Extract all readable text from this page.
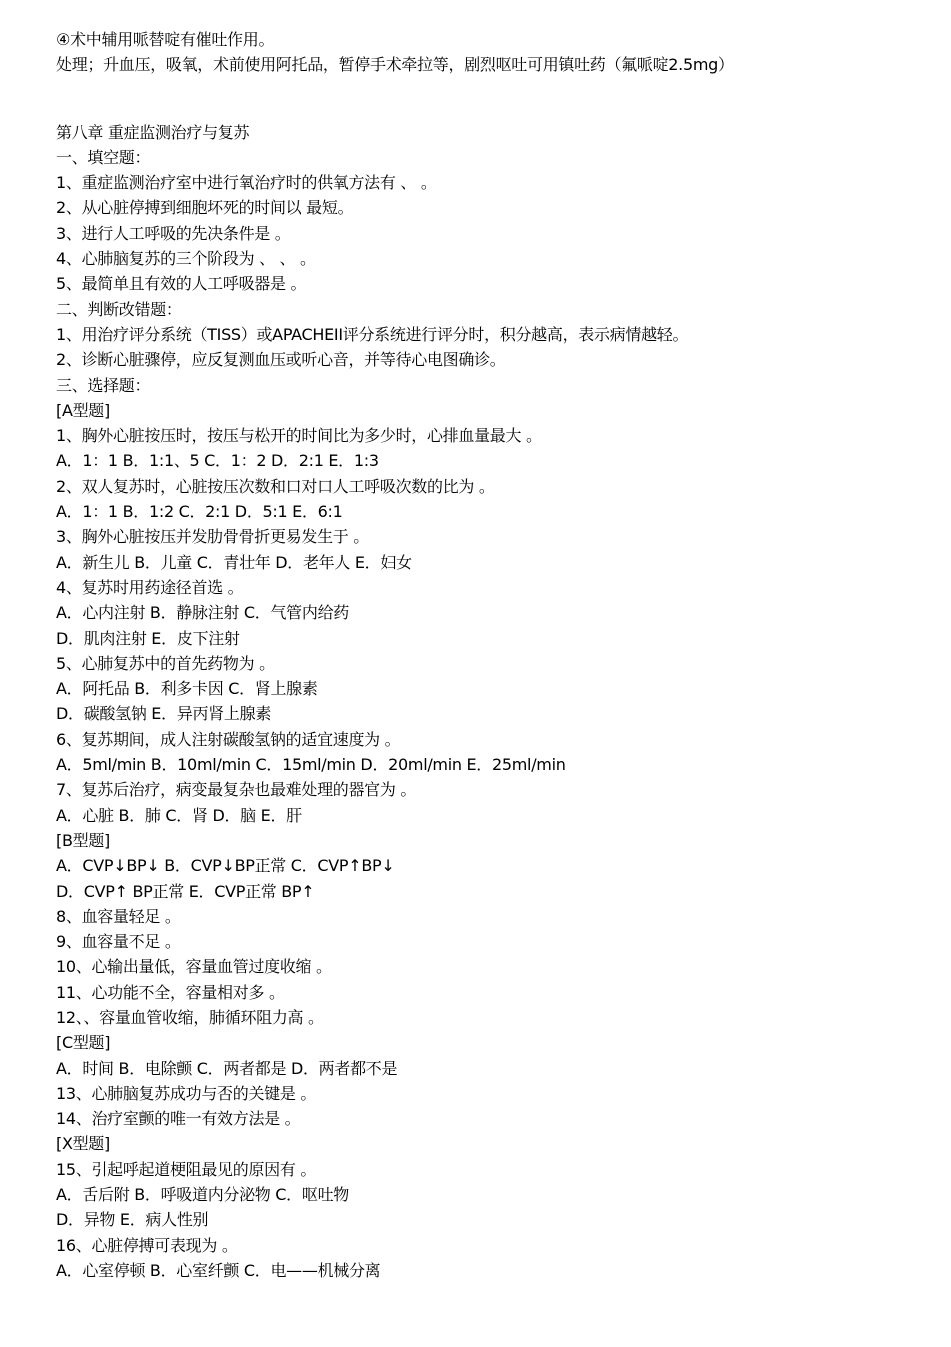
④术中辅用哌替啶有催吐作用。
处理；升血压，吸氧，术前使用阿托品，暂停手术牵拉等，剧烈呕吐可用镇吐药（氟哌啶2.5mg）
第八章 重症监测治疗与复苏
一、填空题：
1、重症监测治疗室中进行氧治疗时的供氧方法有 、 。
2、从心脏停搏到细胞坏死的时间以 最短。
3、进行人工呼吸的先决条件是 。
4、心肺脑复苏的三个阶段为 、 、 。
5、最简单且有效的人工呼吸器是 。
二、判断改错题：
1、用治疗评分系统（TISS）或APACHEII评分系统进行评分时，积分越高，表示病情越轻。
2、诊断心脏骤停，应反复测血压或听心音，并等待心电图确诊。
三、选择题：
[A型题]
1、胸外心脏按压时，按压与松开的时间比为多少时，心排血量最大 。
A．1：1 B．1:1、5 C．1：2 D．2:1 E．1:3
2、双人复苏时，心脏按压次数和口对口人工呼吸次数的比为 。
A．1：1 B．1:2 C．2:1 D．5:1 E．6:1
3、胸外心脏按压并发肋骨骨折更易发生于 。
A．新生儿 B．儿童 C．青壮年 D．老年人 E．妇女
4、复苏时用药途径首选 。
A．心内注射 B．静脉注射 C．气管内给药
D．肌肉注射 E．皮下注射
5、心肺复苏中的首先药物为 。
A．阿托品 B．利多卡因 C．肾上腺素
D．碳酸氢钠 E．异丙肾上腺素
6、复苏期间，成人注射碳酸氢钠的适宜速度为 。
A．5ml/min B．10ml/min C．15ml/min D．20ml/min E．25ml/min
7、复苏后治疗，病变最复杂也最难处理的器官为 。
A．心脏 B．肺 C．肾 D．脑 E．肝
[B型题]
A．CVP↓BP↓ B．CVP↓BP正常 C．CVP↑BP↓
D．CVP↑ BP正常 E．CVP正常 BP↑
8、血容量轻足 。
9、血容量不足 。
10、心输出量低，容量血管过度收缩 。
11、心功能不全，容量相对多 。
12、、容量血管收缩，肺循环阻力高 。
[C型题]
A．时间 B．电除颤 C．两者都是 D．两者都不是
13、心肺脑复苏成功与否的关键是 。
14、治疗室颤的唯一有效方法是 。
[X型题]
15、引起呼起道梗阻最见的原因有 。
A．舌后附 B．呼吸道内分泌物 C．呕吐物
D．异物 E．病人性别
16、心脏停搏可表现为 。
A．心室停顿 B．心室纤颤 C．电——机械分离
